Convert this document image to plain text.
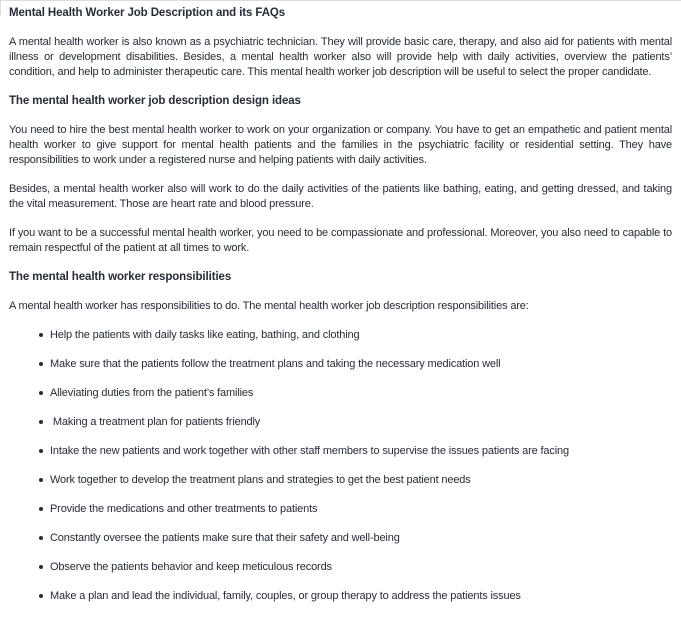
Mental Health Worker Job Description and its FAQs

A mental health worker is also known as a psychiatric technician. They will provide basic care, therapy, and also aid for patients with mental illness or development disabilities. Besides, a mental health worker also will provide help with daily activities, overview the patients’ condition, and help to administer therapeutic care. This mental health worker job description will be useful to select the proper candidate.

The mental health worker job description design ideas

You need to hire the best mental health worker to work on your organization or company. You have to get an empathetic and patient mental health worker to give support for mental health patients and the families in the psychiatric facility or residential setting. They have responsibilities to work under a registered nurse and helping patients with daily activities.

Besides, a mental health worker also will work to do the daily activities of the patients like bathing, eating, and getting dressed, and taking the vital measurement. Those are heart rate and blood pressure.

If you want to be a successful mental health worker, you need to be compassionate and professional. Moreover, you also need to capable to remain respectful of the patient at all times to work.

The mental health worker responsibilities

A mental health worker has responsibilities to do. The mental health worker job description responsibilities are:

Help the patients with daily tasks like eating, bathing, and clothing
Make sure that the patients follow the treatment plans and taking the necessary medication well
Alleviating duties from the patient’s families
Making a treatment plan for patients friendly
Intake the new patients and work together with other staff members to supervise the issues patients are facing
Work together to develop the treatment plans and strategies to get the best patient needs
Provide the medications and other treatments to patients
Constantly oversee the patients make sure that their safety and well-being
Observe the patients behavior and keep meticulous records
Make a plan and lead the individual, family, couples, or group therapy to address the patients issues
